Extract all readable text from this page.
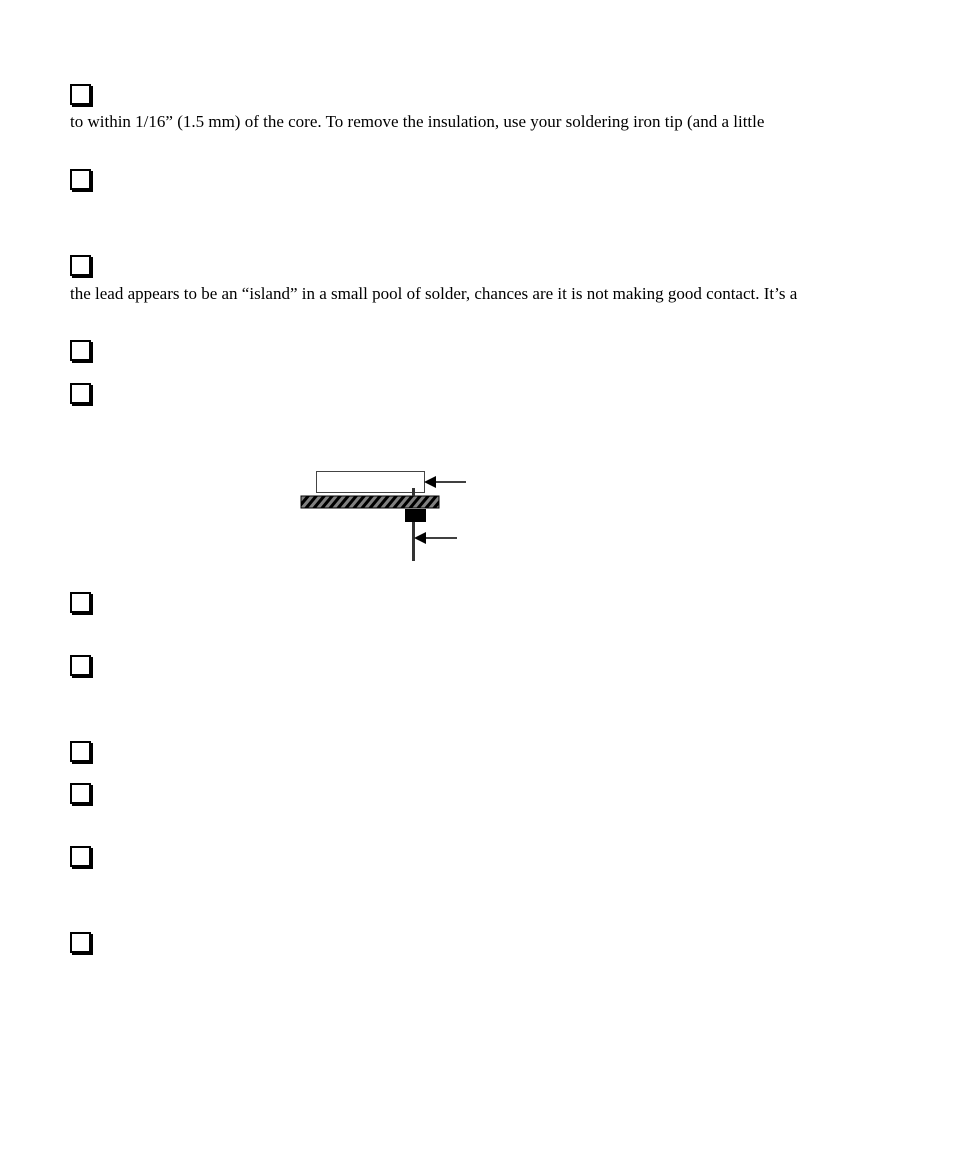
to within 1/16” (1.5 mm) of the core. To remove the insulation, use your soldering iron tip (and a little
the lead appears to be an “island” in a small pool of solder, chances are it is not making good contact. It’s a
